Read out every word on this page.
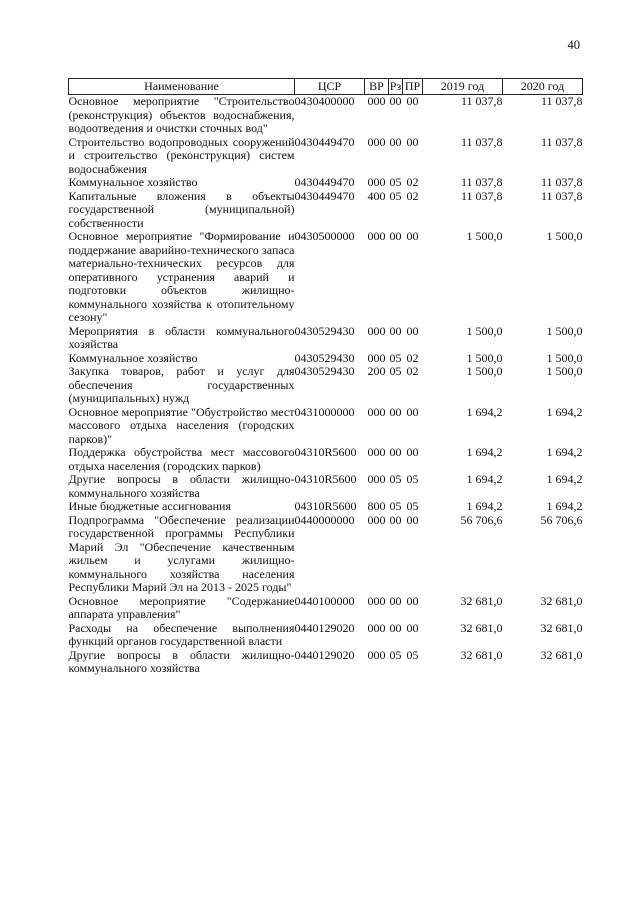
40
Наименование	ЦСР	ВР	Рз	ПР	2019 год	2020 год
Основное мероприятие "Строительство (реконструкция) объектов водоснабжения, водоотведения и очистки сточных вод"	0430400000	000	00	00	11 037,8	11 037,8
Строительство водопроводных сооружений и строительство (реконструкция) систем водоснабжения	0430449470	000	00	00	11 037,8	11 037,8
Коммунальное хозяйство	0430449470	000	05	02	11 037,8	11 037,8
Капитальные вложения в объекты государственной (муниципальной) собственности	0430449470	400	05	02	11 037,8	11 037,8
Основное мероприятие "Формирование и поддержание аварийно-технического запаса материально-технических ресурсов для оперативного устранения аварий и подготовки объектов жилищно-коммунального хозяйства к отопительному сезону"	0430500000	000	00	00	1 500,0	1 500,0
Мероприятия в области коммунального хозяйства	0430529430	000	00	00	1 500,0	1 500,0
Коммунальное хозяйство	0430529430	000	05	02	1 500,0	1 500,0
Закупка товаров, работ и услуг для обеспечения государственных (муниципальных) нужд	0430529430	200	05	02	1 500,0	1 500,0
Основное мероприятие "Обустройство мест массового отдыха населения (городских парков)"	0431000000	000	00	00	1 694,2	1 694,2
Поддержка обустройства мест массового отдыха населения (городских парков)	04310R5600	000	00	00	1 694,2	1 694,2
Другие вопросы в области жилищно-коммунального хозяйства	04310R5600	000	05	05	1 694,2	1 694,2
Иные бюджетные ассигнования	04310R5600	800	05	05	1 694,2	1 694,2
Подпрограмма "Обеспечение реализации государственной программы Республики Марий Эл "Обеспечение качественным жильем и услугами жилищно-коммунального хозяйства населения Республики Марий Эл на 2013 - 2025 годы"	0440000000	000	00	00	56 706,6	56 706,6
Основное мероприятие "Содержание аппарата управления"	0440100000	000	00	00	32 681,0	32 681,0
Расходы на обеспечение выполнения функций органов государственной власти	0440129020	000	00	00	32 681,0	32 681,0
Другие вопросы в области жилищно-коммунального хозяйства	0440129020	000	05	05	32 681,0	32 681,0
